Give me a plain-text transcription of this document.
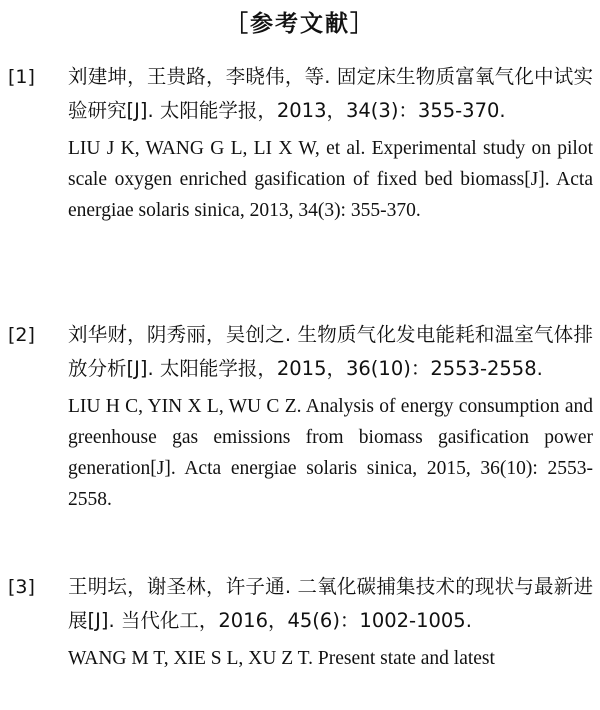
［参考文献］
[1] 刘建坤，王贵路，李晓伟，等. 固定床生物质富氧气化中试实验研究[J]. 太阳能学报，2013，34(3)：355-370.
LIU J K, WANG G L, LI X W, et al. Experimental study on pilot scale oxygen enriched gasification of fixed bed biomass[J]. Acta energiae solaris sinica, 2013, 34(3): 355-370.
[2] 刘华财，阴秀丽，吴创之. 生物质气化发电能耗和温室气体排放分析[J]. 太阳能学报，2015，36(10)：2553-2558.
LIU H C, YIN X L, WU C Z. Analysis of energy consumption and greenhouse gas emissions from biomass gasification power generation[J]. Acta energiae solaris sinica, 2015, 36(10): 2553-2558.
[3] 王明坛，谢圣林，许子通. 二氧化碳捕集技术的现状与最新进展[J]. 当代化工，2016，45(6)：1002-1005.
WANG M T, XIE S L, XU Z T. Present state and latest
